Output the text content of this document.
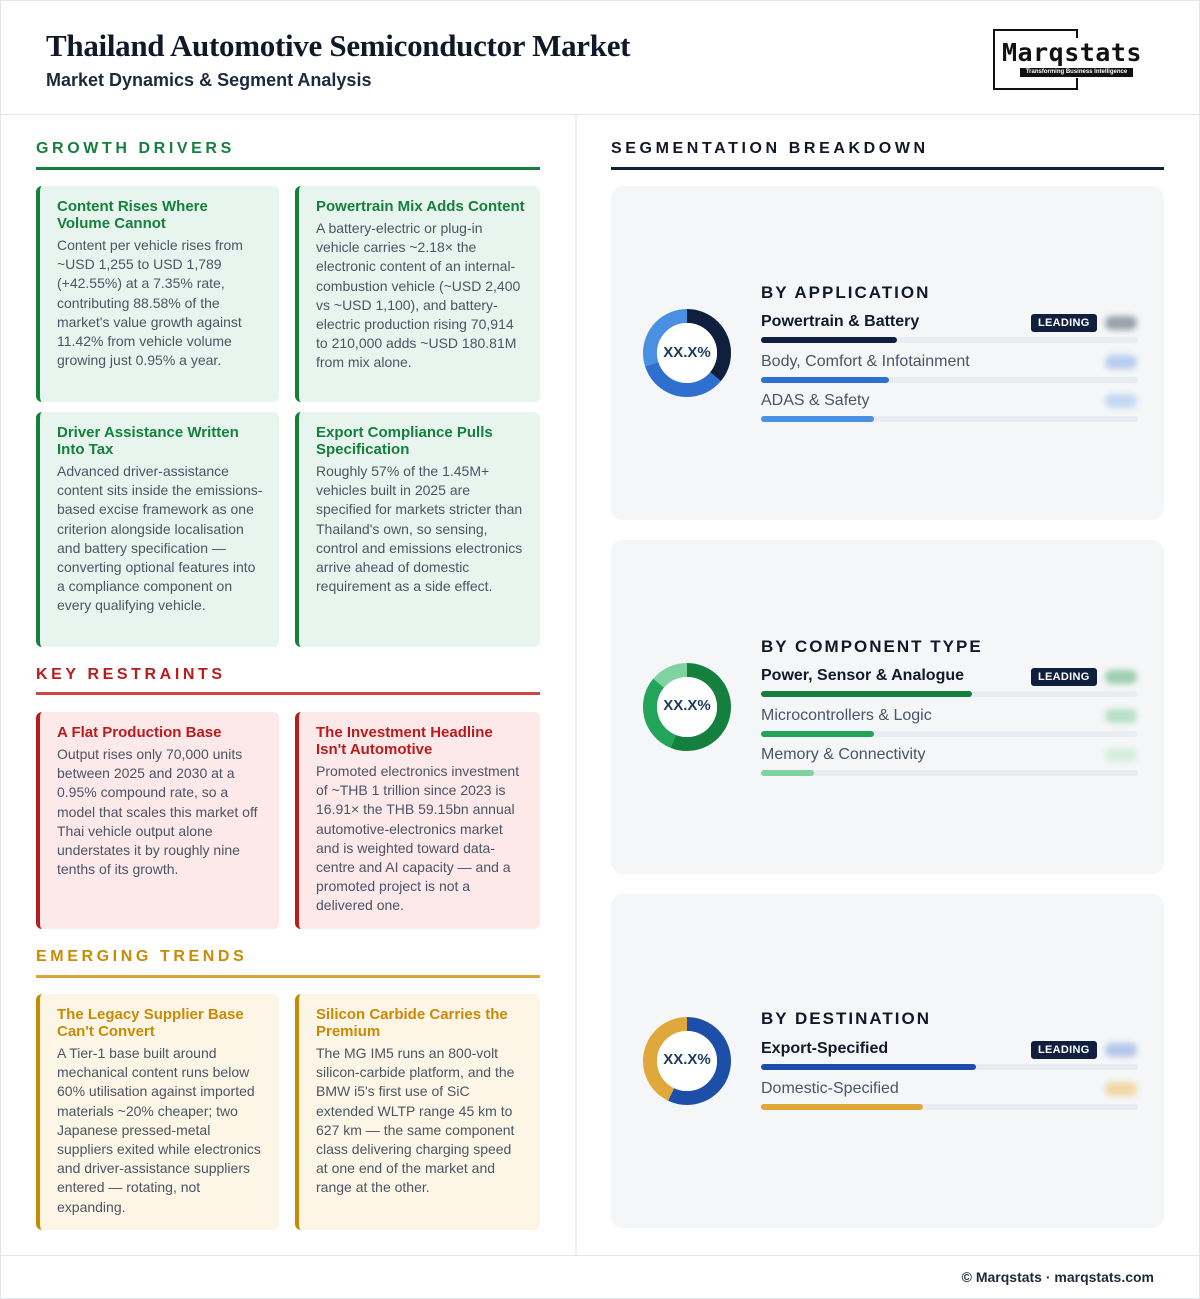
Thailand Automotive Semiconductor Market
Market Dynamics & Segment Analysis
Marqstats
Transforming Business Intelligence
GROWTH DRIVERS
Content Rises Where Volume Cannot

Content per vehicle rises from ~USD 1,255 to USD 1,789 (+42.55%) at a 7.35% rate, contributing 88.58% of the market's value growth against 11.42% from vehicle volume growing just 0.95% a year.

Powertrain Mix Adds Content

A battery-electric or plug-in vehicle carries ~2.18× the electronic content of an internal-combustion vehicle (~USD 2,400 vs ~USD 1,100), and battery-electric production rising 70,914 to 210,000 adds ~USD 180.81M from mix alone.

Driver Assistance Written Into Tax

Advanced driver-assistance content sits inside the emissions-based excise framework as one criterion alongside localisation and battery specification — converting optional features into a compliance component on every qualifying vehicle.

Export Compliance Pulls Specification

Roughly 57% of the 1.45M+ vehicles built in 2025 are specified for markets stricter than Thailand's own, so sensing, control and emissions electronics arrive ahead of domestic requirement as a side effect.

KEY RESTRAINTS
A Flat Production Base

Output rises only 70,000 units between 2025 and 2030 at a 0.95% compound rate, so a model that scales this market off Thai vehicle output alone understates it by roughly nine tenths of its growth.

The Investment Headline Isn't Automotive

Promoted electronics investment of ~THB 1 trillion since 2023 is 16.91× the THB 59.15bn annual automotive-electronics market and is weighted toward data-centre and AI capacity — and a promoted project is not a delivered one.

EMERGING TRENDS
The Legacy Supplier Base Can't Convert

A Tier-1 base built around mechanical content runs below 60% utilisation against imported materials ~20% cheaper; two Japanese pressed-metal suppliers exited while electronics and driver-assistance suppliers entered — rotating, not expanding.

Silicon Carbide Carries the Premium

The MG IM5 runs an 800-volt silicon-carbide platform, and the BMW i5's first use of SiC extended WLTP range 45 km to 627 km — the same component class delivering charging speed at one end of the market and range at the other.

SEGMENTATION BREAKDOWN
XX.X%
BY APPLICATION
Powertrain & Battery	LEADING
Body, Comfort & Infotainment
ADAS & Safety
XX.X%
BY COMPONENT TYPE
Power, Sensor & Analogue	LEADING
Microcontrollers & Logic
Memory & Connectivity
XX.X%
BY DESTINATION
Export-Specified	LEADING
Domestic-Specified
© Marqstats · marqstats.com
